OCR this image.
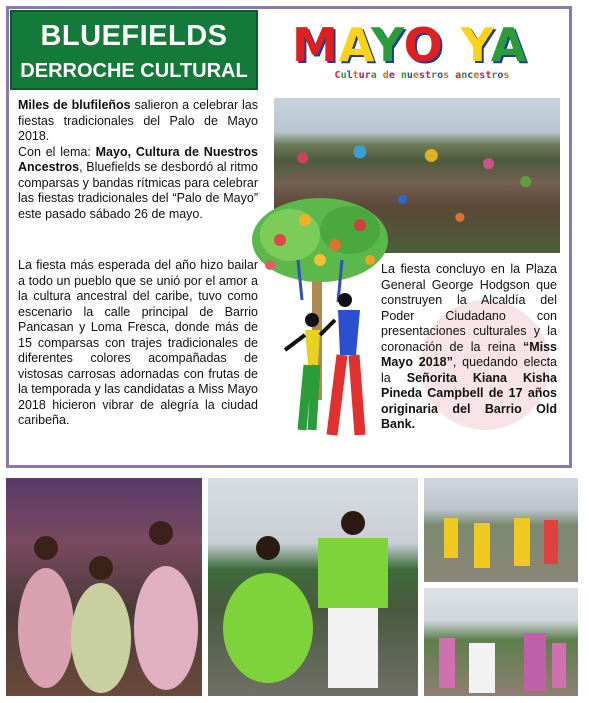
BLUEFIELDS
DERROCHE CULTURAL MAYO YA
Cultura de nuestros ancestros
Miles de blufileños salieron a celebrar las fiestas tradicionales del Palo de Mayo 2018.
Con el lema: Mayo, Cultura de Nuestros Ancestros, Bluefields se desbordó al ritmo comparsas y bandas rítmicas para celebrar las fiestas tradicionales del “Palo de Mayo” este pasado sábado 26 de mayo.
La fiesta más esperada del año hizo bailar a todo un pueblo que se unió por el amor a la cultura ancestral del caribe, tuvo como escenario la calle principal de Barrio Pancasan y Loma Fresca, donde más de 15 comparsas con trajes tradicionales de diferentes colores acompañadas de vistosas carrosas adornadas con frutas de la temporada y las candidatas a Miss Mayo 2018 hicieron vibrar de alegría la ciudad caribeña.
La fiesta concluyo en la Plaza General George Hodgson que construyen la Alcaldía del Poder Ciudadano con presentaciones culturales y la coronación de la reina “Miss Mayo 2018”, quedando electa la Señorita Kiana Kisha Pineda Campbell de 17 años originaria del Barrio Old Bank.
